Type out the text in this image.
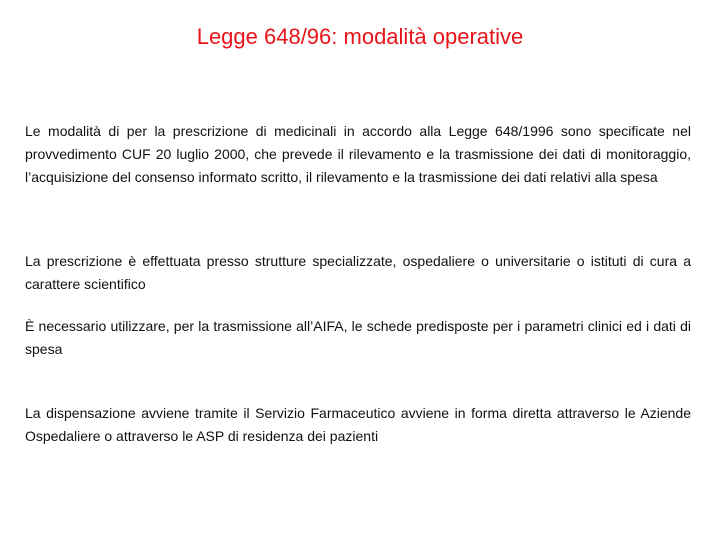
Legge 648/96: modalità operative

Le modalità di per la prescrizione di medicinali in accordo alla Legge 648/1996 sono specificate nel provvedimento CUF 20 luglio 2000, che prevede il rilevamento e la trasmissione dei dati di monitoraggio, l’acquisizione del consenso informato scritto, il rilevamento e la trasmissione dei dati relativi alla spesa

La prescrizione è effettuata presso strutture specializzate, ospedaliere o universitarie o istituti di cura a carattere scientifico

È necessario utilizzare, per la trasmissione all’AIFA, le schede predisposte per i parametri clinici ed i dati di spesa

La dispensazione avviene tramite il Servizio Farmaceutico avviene in forma diretta attraverso le Aziende Ospedaliere o attraverso le ASP di residenza dei pazienti
